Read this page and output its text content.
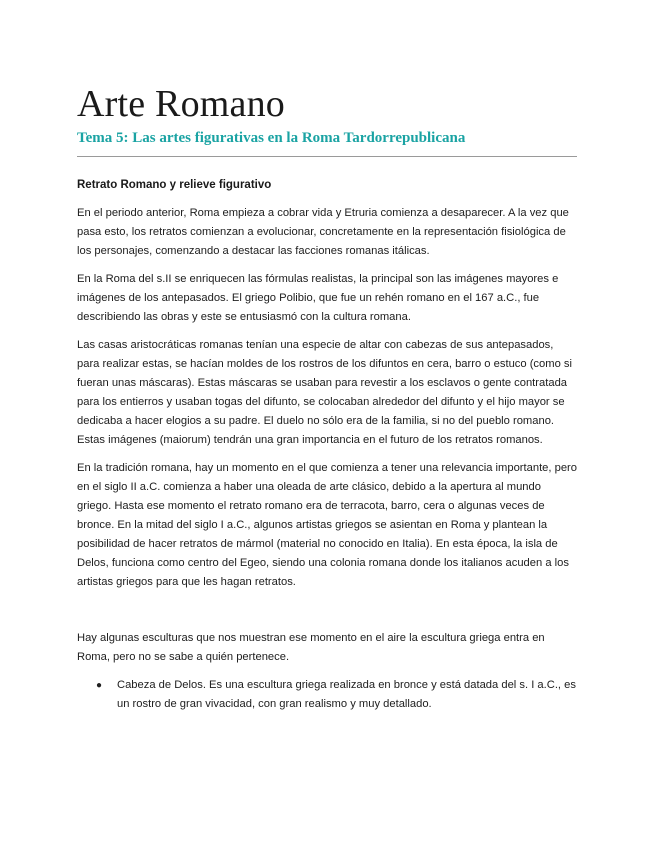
Arte Romano
Tema 5: Las artes figurativas en la Roma Tardorrepublicana
Retrato Romano y relieve figurativo

En el periodo anterior, Roma empieza a cobrar vida y Etruria comienza a desaparecer. A la vez que pasa esto, los retratos comienzan a evolucionar, concretamente en la representación fisiológica de los personajes, comenzando a destacar las facciones romanas itálicas.

En la Roma del s.II se enriquecen las fórmulas realistas, la principal son las imágenes mayores e imágenes de los antepasados. El griego Polibio, que fue un rehén romano en el 167 a.C., fue describiendo las obras y este se entusiasmó con la cultura romana.

Las casas aristocráticas romanas tenían una especie de altar con cabezas de sus antepasados, para realizar estas, se hacían moldes de los rostros de los difuntos en cera, barro o estuco (como si fueran unas máscaras). Estas máscaras se usaban para revestir a los esclavos o gente contratada para los entierros y usaban togas del difunto, se colocaban alrededor del difunto y el hijo mayor se dedicaba a hacer elogios a su padre. El duelo no sólo era de la familia, si no del pueblo romano. Estas imágenes (maiorum) tendrán una gran importancia en el futuro de los retratos romanos.

En la tradición romana, hay un momento en el que comienza a tener una relevancia importante, pero en el siglo II a.C. comienza a haber una oleada de arte clásico, debido a la apertura al mundo griego. Hasta ese momento el retrato romano era de terracota, barro, cera o algunas veces de bronce. En la mitad del siglo I a.C., algunos artistas griegos se asientan en Roma y plantean la posibilidad de hacer retratos de mármol (material no conocido en Italia). En esta época, la isla de Delos, funciona como centro del Egeo, siendo una colonia romana donde los italianos acuden a los artistas griegos para que les hagan retratos.

Hay algunas esculturas que nos muestran ese momento en el aire la escultura griega entra en Roma, pero no se sabe a quién pertenece.

● Cabeza de Delos. Es una escultura griega realizada en bronce y está datada del s. I a.C., es un rostro de gran vivacidad, con gran realismo y muy detallado.
